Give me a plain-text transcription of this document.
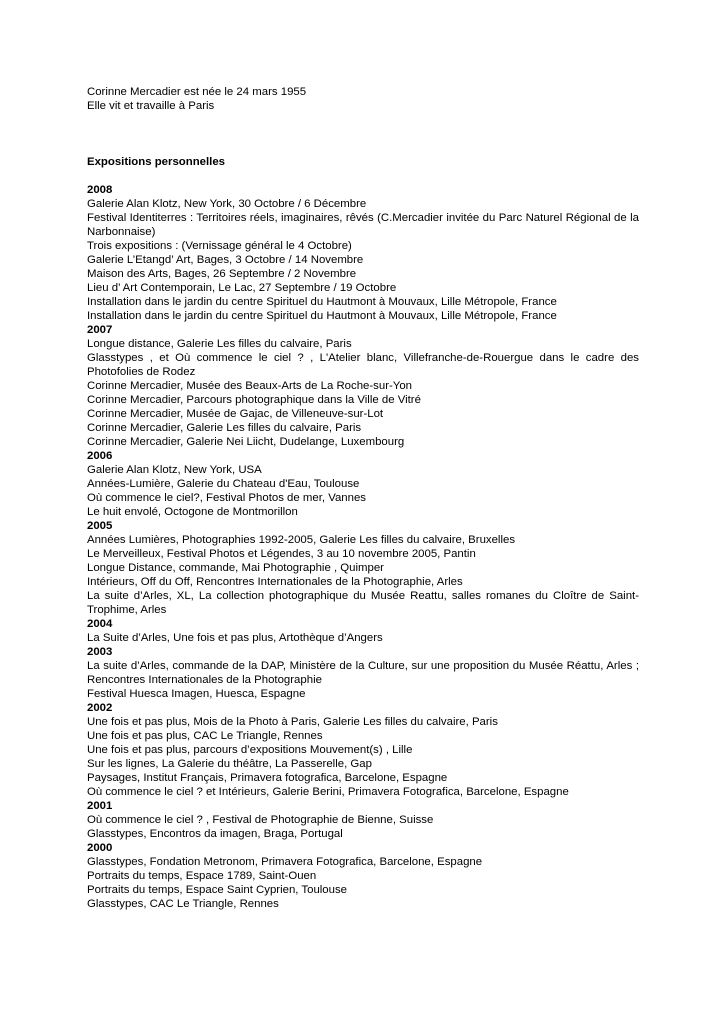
Corinne Mercadier est née le 24 mars 1955

Elle vit et travaille à Paris

Expositions personnelles

2008

Galerie Alan Klotz, New York, 30 Octobre / 6 Décembre

Festival Identiterres : Territoires réels, imaginaires, rêvés (C.Mercadier invitée du Parc Naturel Régional de la Narbonnaise)

Trois expositions : (Vernissage général le 4 Octobre)

Galerie L’Etangd’ Art, Bages, 3 Octobre / 14 Novembre

Maison des Arts, Bages, 26 Septembre / 2 Novembre

Lieu d’ Art Contemporain, Le Lac, 27 Septembre / 19 Octobre

Installation dans le jardin du centre Spirituel du Hautmont à Mouvaux, Lille Métropole, France

Installation dans le jardin du centre Spirituel du Hautmont à Mouvaux, Lille Métropole, France

2007

Longue distance, Galerie Les filles du calvaire, Paris

Glasstypes , et Où commence le ciel ? , L'Atelier blanc, Villefranche-de-Rouergue dans le cadre des Photofolies de Rodez

Corinne Mercadier, Musée des Beaux-Arts de La Roche-sur-Yon

Corinne Mercadier, Parcours photographique dans la Ville de Vitré

Corinne Mercadier, Musée de Gajac, de Villeneuve-sur-Lot

Corinne Mercadier, Galerie Les filles du calvaire, Paris

Corinne Mercadier, Galerie Nei Liicht, Dudelange, Luxembourg

2006

Galerie Alan Klotz, New York, USA

Années-Lumière, Galerie du Chateau d'Eau, Toulouse

Où commence le ciel?, Festival Photos de mer, Vannes

Le huit envolé, Octogone de Montmorillon

2005

Années Lumières, Photographies 1992-2005, Galerie Les filles du calvaire, Bruxelles

Le Merveilleux, Festival Photos et Légendes, 3 au 10 novembre 2005, Pantin

Longue Distance, commande, Mai Photographie , Quimper

Intérieurs, Off du Off, Rencontres Internationales de la Photographie, Arles

La suite d’Arles, XL, La collection photographique du Musée Reattu, salles romanes du Cloître de Saint-Trophime, Arles

2004

La Suite d’Arles, Une fois et pas plus, Artothèque d’Angers

2003

La suite d’Arles, commande de la DAP, Ministère de la Culture, sur une proposition du Musée Réattu, Arles ; Rencontres Internationales de la Photographie

Festival Huesca Imagen, Huesca, Espagne

2002

Une fois et pas plus, Mois de la Photo à Paris, Galerie Les filles du calvaire, Paris

Une fois et pas plus, CAC Le Triangle, Rennes

Une fois et pas plus, parcours d’expositions Mouvement(s) , Lille

Sur les lignes, La Galerie du théâtre, La Passerelle, Gap

Paysages, Institut Français, Primavera fotografica, Barcelone, Espagne

Où commence le ciel ? et Intérieurs, Galerie Berini, Primavera Fotografica, Barcelone, Espagne

2001

Où commence le ciel ? , Festival de Photographie de Bienne, Suisse

Glasstypes, Encontros da imagen, Braga, Portugal

2000

Glasstypes, Fondation Metronom, Primavera Fotografica, Barcelone, Espagne

Portraits du temps, Espace 1789, Saint-Ouen

Portraits du temps, Espace Saint Cyprien, Toulouse

Glasstypes, CAC Le Triangle, Rennes
